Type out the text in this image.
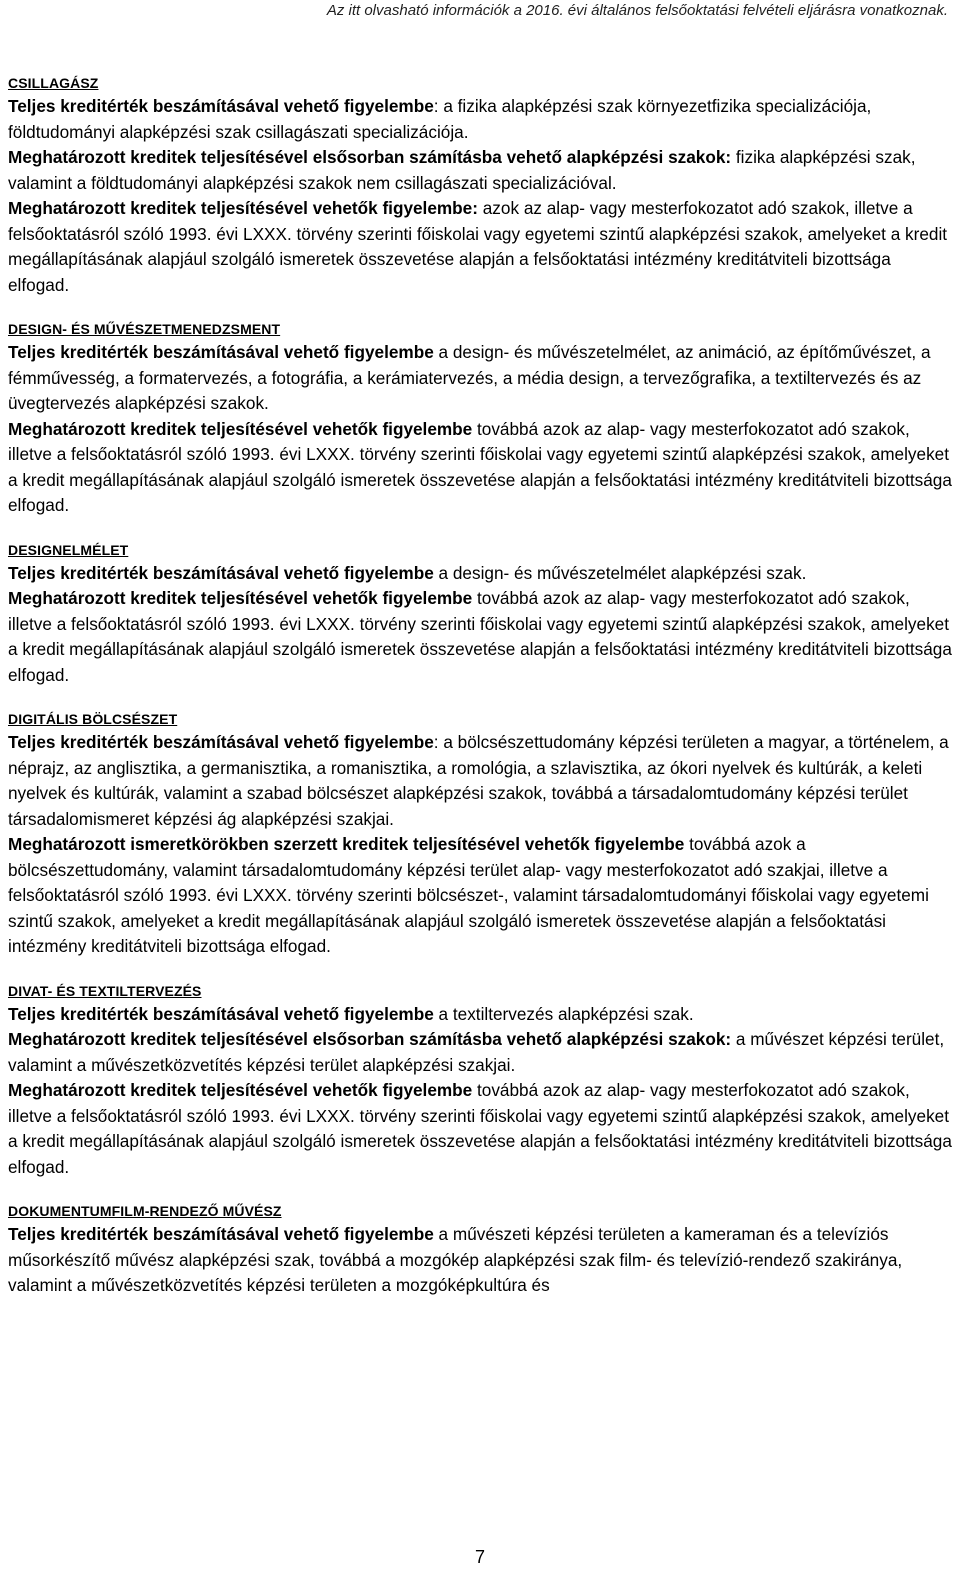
Az itt olvasható információk a 2016. évi általános felsőoktatási felvételi eljárásra vonatkoznak.
CSILLAGÁSZ

Teljes kreditérték beszámításával vehető figyelembe: a fizika alapképzési szak környezetfizika specializációja, földtudományi alapképzési szak csillagászati specializációja.

Meghatározott kreditek teljesítésével elsősorban számításba vehető alapképzési szakok: fizika alapképzési szak, valamint a földtudományi alapképzési szakok nem csillagászati specializációval.

Meghatározott kreditek teljesítésével vehetők figyelembe: azok az alap- vagy mesterfokozatot adó szakok, illetve a felsőoktatásról szóló 1993. évi LXXX. törvény szerinti főiskolai vagy egyetemi szintű alapképzési szakok, amelyeket a kredit megállapításának alapjául szolgáló ismeretek összevetése alapján a felsőoktatási intézmény kreditátviteli bizottsága elfogad.

DESIGN- ÉS MŰVÉSZETMENEDZSMENT

Teljes kreditérték beszámításával vehető figyelembe a design- és művészetelmélet, az animáció, az építőművészet, a fémművesség, a formatervezés, a fotográfia, a kerámiatervezés, a média design, a tervezőgrafika, a textiltervezés és az üvegtervezés alapképzési szakok.

Meghatározott kreditek teljesítésével vehetők figyelembe továbbá azok az alap- vagy mesterfokozatot adó szakok, illetve a felsőoktatásról szóló 1993. évi LXXX. törvény szerinti főiskolai vagy egyetemi szintű alapképzési szakok, amelyeket a kredit megállapításának alapjául szolgáló ismeretek összevetése alapján a felsőoktatási intézmény kreditátviteli bizottsága elfogad.

DESIGNELMÉLET

Teljes kreditérték beszámításával vehető figyelembe a design- és művészetelmélet alapképzési szak.

Meghatározott kreditek teljesítésével vehetők figyelembe továbbá azok az alap- vagy mesterfokozatot adó szakok, illetve a felsőoktatásról szóló 1993. évi LXXX. törvény szerinti főiskolai vagy egyetemi szintű alapképzési szakok, amelyeket a kredit megállapításának alapjául szolgáló ismeretek összevetése alapján a felsőoktatási intézmény kreditátviteli bizottsága elfogad.

DIGITÁLIS BÖLCSÉSZET

Teljes kreditérték beszámításával vehető figyelembe: a bölcsészettudomány képzési területen a magyar, a történelem, a néprajz, az anglisztika, a germanisztika, a romanisztika, a romológia, a szlavisztika, az ókori nyelvek és kultúrák, a keleti nyelvek és kultúrák, valamint a szabad bölcsészet alapképzési szakok, továbbá a társadalomtudomány képzési terület társadalomismeret képzési ág alapképzési szakjai.

Meghatározott ismeretkörökben szerzett kreditek teljesítésével vehetők figyelembe továbbá azok a bölcsészettudomány, valamint társadalomtudomány képzési terület alap- vagy mesterfokozatot adó szakjai, illetve a felsőoktatásról szóló 1993. évi LXXX. törvény szerinti bölcsészet-, valamint társadalomtudományi főiskolai vagy egyetemi szintű szakok, amelyeket a kredit megállapításának alapjául szolgáló ismeretek összevetése alapján a felsőoktatási intézmény kreditátviteli bizottsága elfogad.

DIVAT- ÉS TEXTILTERVEZÉS

Teljes kreditérték beszámításával vehető figyelembe a textiltervezés alapképzési szak.

Meghatározott kreditek teljesítésével elsősorban számításba vehető alapképzési szakok: a művészet képzési terület, valamint a művészetközvetítés képzési terület alapképzési szakjai.

Meghatározott kreditek teljesítésével vehetők figyelembe továbbá azok az alap- vagy mesterfokozatot adó szakok, illetve a felsőoktatásról szóló 1993. évi LXXX. törvény szerinti főiskolai vagy egyetemi szintű alapképzési szakok, amelyeket a kredit megállapításának alapjául szolgáló ismeretek összevetése alapján a felsőoktatási intézmény kreditátviteli bizottsága elfogad.

DOKUMENTUMFILM-RENDEZŐ MŰVÉSZ

Teljes kreditérték beszámításával vehető figyelembe a művészeti képzési területen a kameraman és a televíziós műsorkészítő művész alapképzési szak, továbbá a mozgókép alapképzési szak film- és televízió-rendező szakiránya, valamint a művészetközvetítés képzési területen a mozgóképkultúra és

7
